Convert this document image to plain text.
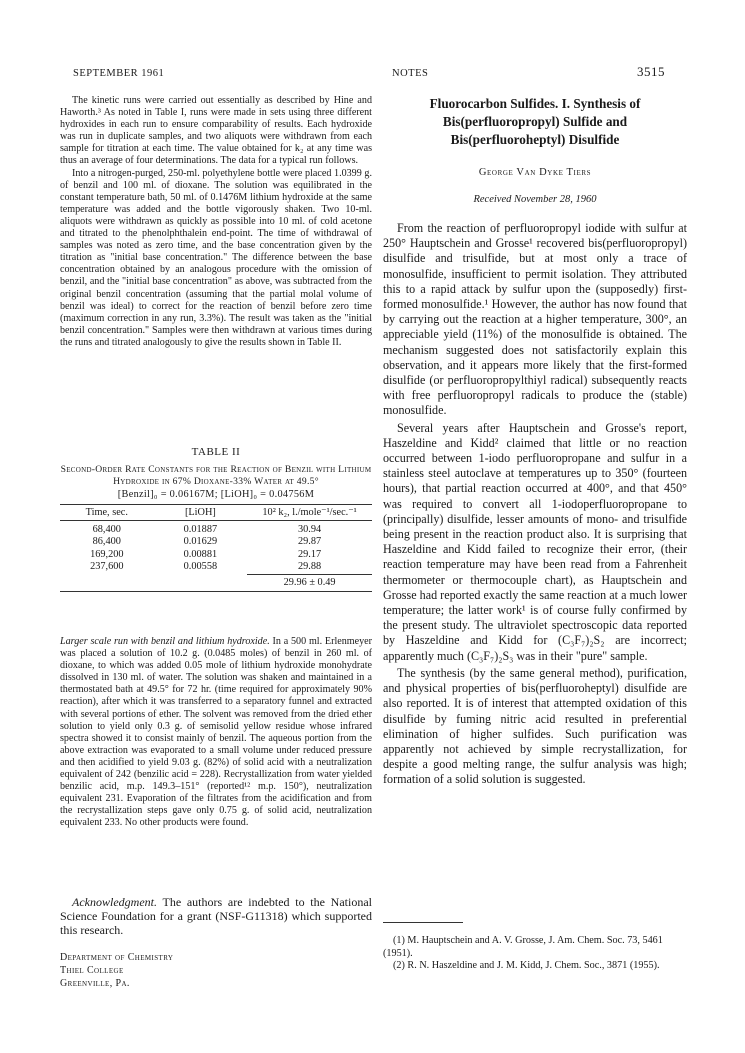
SEPTEMBER 1961	NOTES	3515

The kinetic runs were carried out essentially as described by Hine and Haworth.³ As noted in Table I, runs were made in sets using three different hydroxides in each run to ensure comparability of results. Each hydroxide was run in duplicate samples, and two aliquots were withdrawn from each sample for titration at each time. The value obtained for k₂ at any time was thus an average of four determinations. The data for a typical run follows.

Into a nitrogen-purged, 250-ml. polyethylene bottle were placed 1.0399 g. of benzil and 100 ml. of dioxane. The solution was equilibrated in the constant temperature bath, 50 ml. of 0.1476M lithium hydroxide at the same temperature was added and the bottle vigorously shaken. Two 10-ml. aliquots were withdrawn as quickly as possible into 10 ml. of cold acetone and titrated to the phenolphthalein end-point. The time of withdrawal of samples was noted as zero time, and the base concentration given by the titration as "initial base concentration." The difference between the base concentration obtained by an analogous procedure with the omission of benzil, and the "initial base concentration" as above, was subtracted from the original benzil concentration (assuming that the partial molal volume of benzil was ideal) to correct for the reaction of benzil before zero time (maximum correction in any run, 3.3%). The result was taken as the "initial benzil concentration." Samples were then withdrawn at various times during the runs and titrated analogously to give the results shown in Table II.

TABLE II
Second-Order Rate Constants for the Reaction of Benzil with Lithium Hydroxide in 67% Dioxane-33% Water at 49.5°
[Benzil]₀ = 0.06167M; [LiOH]₀ = 0.04756M
Time, sec.	[LiOH]	10² k₂, l./mole⁻¹/sec.⁻¹
68,400	0.01887	30.94
86,400	0.01629	29.87
169,200	0.00881	29.17
237,600	0.00558	29.88
		29.96 ± 0.49

Larger scale run with benzil and lithium hydroxide. In a 500 ml. Erlenmeyer was placed a solution of 10.2 g. (0.0485 moles) of benzil in 260 ml. of dioxane, to which was added 0.05 mole of lithium hydroxide monohydrate dissolved in 130 ml. of water. The solution was shaken and maintained in a thermostated bath at 49.5° for 72 hr. (time required for approximately 90% reaction), after which it was transferred to a separatory funnel and extracted with several portions of ether. The solvent was removed from the dried ether solution to yield only 0.3 g. of semisolid yellow residue whose infrared spectra showed it to consist mainly of benzil. The aqueous portion from the above extraction was evaporated to a small volume under reduced pressure and then acidified to yield 9.03 g. (82%) of solid acid with a neutralization equivalent of 242 (benzilic acid = 228). Recrystallization from water yielded benzilic acid, m.p. 149.3–151° (reported¹² m.p. 150°), neutralization equivalent 231. Evaporation of the filtrates from the acidification and from the recrystallization steps gave only 0.75 g. of solid acid, neutralization equivalent 233. No other products were found.

Acknowledgment. The authors are indebted to the National Science Foundation for a grant (NSF-G11318) which supported this research.
Department of Chemistry
Thiel College
Greenville, Pa.
Fluorocarbon Sulfides. I. Synthesis of
Bis(perfluoropropyl) Sulfide and
Bis(perfluoroheptyl) Disulfide
George Van Dyke Tiers
Received November 28, 1960

From the reaction of perfluoropropyl iodide with sulfur at 250° Hauptschein and Grosse¹ recovered bis(perfluoropropyl) disulfide and trisulfide, but at most only a trace of monosulfide, insufficient to permit isolation. They attributed this to a rapid attack by sulfur upon the (supposedly) first-formed monosulfide.¹ However, the author has now found that by carrying out the reaction at a higher temperature, 300°, an appreciable yield (11%) of the monosulfide is obtained. The mechanism suggested does not satisfactorily explain this observation, and it appears more likely that the first-formed disulfide (or perfluoropropylthiyl radical) subsequently reacts with free perfluoropropyl radicals to produce the (stable) monosulfide.

Several years after Hauptschein and Grosse's report, Haszeldine and Kidd² claimed that little or no reaction occurred between 1-iodo perfluoropropane and sulfur in a stainless steel autoclave at temperatures up to 350° (fourteen hours), that partial reaction occurred at 400°, and that 450° was required to convert all 1-iodoperfluoropropane to (principally) disulfide, lesser amounts of mono- and trisulfide being present in the reaction product also. It is surprising that Haszeldine and Kidd failed to recognize their error, (their reaction temperature may have been read from a Fahrenheit thermometer or thermocouple chart), as Hauptschein and Grosse had reported exactly the same reaction at a much lower temperature; the latter work¹ is of course fully confirmed by the present study. The ultraviolet spectroscopic data reported by Haszeldine and Kidd for (C₃F₇)₂S₂ are incorrect; apparently much (C₃F₇)₂S₃ was in their "pure" sample.

The synthesis (by the same general method), purification, and physical properties of bis(perfluoroheptyl) disulfide are also reported. It is of interest that attempted oxidation of this disulfide by fuming nitric acid resulted in preferential elimination of higher sulfides. Such purification was apparently not achieved by simple recrystallization, for despite a good melting range, the sulfur analysis was high; formation of a solid solution is suggested.

(1) M. Hauptschein and A. V. Grosse, J. Am. Chem. Soc. 73, 5461 (1951).
(2) R. N. Haszeldine and J. M. Kidd, J. Chem. Soc., 3871 (1955).
